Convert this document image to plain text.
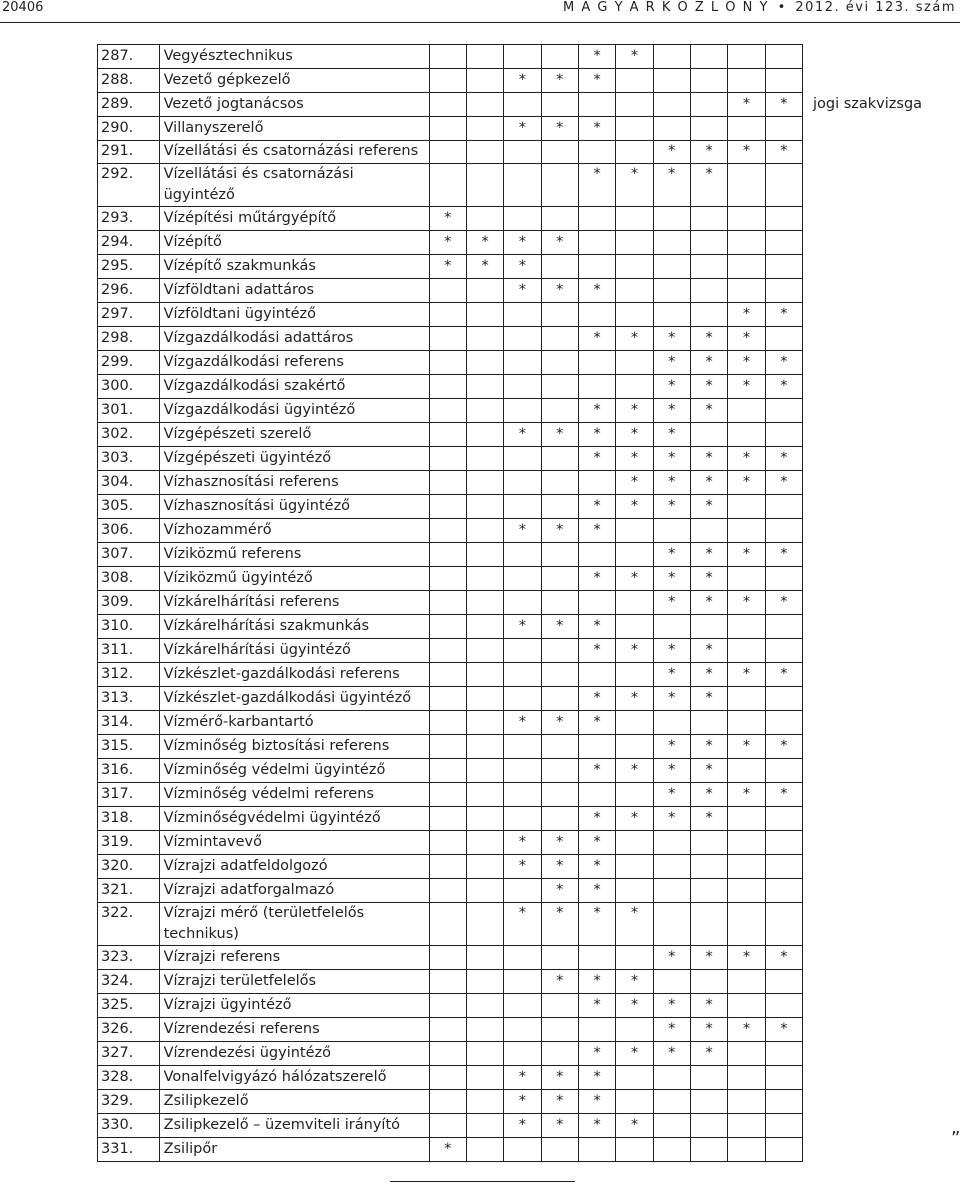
20406	M A G Y A R K Ö Z L Ö N Y • 2012. évi 123. szám
287.	Vegyésztechnikus					*	*					
288.	Vezető gépkezelő			*	*	*						
289.	Vezető jogtanácsos									*	*	jogi szakvizsga
290.	Villanyszerelő			*	*	*						
291.	Vízellátási és csatornázási referens							*	*	*	*	
292.	Vízellátási és csatornázási ügyintéző					*	*	*	*			
293.	Vízépítési műtárgyépítő	*										
294.	Vízépítő	*	*	*	*							
295.	Vízépítő szakmunkás	*	*	*								
296.	Vízföldtani adattáros			*	*	*						
297.	Vízföldtani ügyintéző									*	*	
298.	Vízgazdálkodási adattáros					*	*	*	*	*		
299.	Vízgazdálkodási referens							*	*	*	*	
300.	Vízgazdálkodási szakértő							*	*	*	*	
301.	Vízgazdálkodási ügyintéző					*	*	*	*			
302.	Vízgépészeti szerelő			*	*	*	*	*				
303.	Vízgépészeti ügyintéző					*	*	*	*	*	*	
304.	Vízhasznosítási referens						*	*	*	*	*	
305.	Vízhasznosítási ügyintéző					*	*	*	*			
306.	Vízhozammérő			*	*	*						
307.	Víziközmű referens							*	*	*	*	
308.	Víziközmű ügyintéző					*	*	*	*			
309.	Vízkárelhárítási referens							*	*	*	*	
310.	Vízkárelhárítási szakmunkás			*	*	*						
311.	Vízkárelhárítási ügyintéző					*	*	*	*			
312.	Vízkészlet-gazdálkodási referens							*	*	*	*	
313.	Vízkészlet-gazdálkodási ügyintéző					*	*	*	*			
314.	Vízmérő-karbantartó			*	*	*						
315.	Vízminőség biztosítási referens							*	*	*	*	
316.	Vízminőség védelmi ügyintéző					*	*	*	*			
317.	Vízminőség védelmi referens							*	*	*	*	
318.	Vízminőségvédelmi ügyintéző					*	*	*	*			
319.	Vízmintavevő			*	*	*						
320.	Vízrajzi adatfeldolgozó			*	*	*						
321.	Vízrajzi adatforgalmazó				*	*						
322.	Vízrajzi mérő (területfelelős technikus)			*	*	*	*					
323.	Vízrajzi referens							*	*	*	*	
324.	Vízrajzi területfelelős				*	*	*					
325.	Vízrajzi ügyintéző					*	*	*	*			
326.	Vízrendezési referens							*	*	*	*	
327.	Vízrendezési ügyintéző					*	*	*	*			
328.	Vonalfelvigyázó hálózatszerelő			*	*	*						
329.	Zsilipkezelő			*	*	*						
330.	Zsilipkezelő – üzemviteli irányító			*	*	*	*					
331.	Zsilipőr	*											”
